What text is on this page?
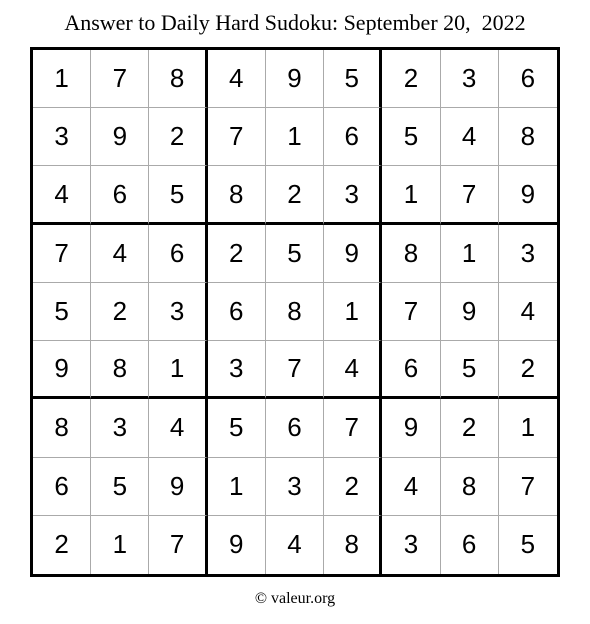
Answer to Daily Hard Sudoku: September 20,  2022
1	7	8	4	9	5	2	3	6
3	9	2	7	1	6	5	4	8
4	6	5	8	2	3	1	7	9
7	4	6	2	5	9	8	1	3
5	2	3	6	8	1	7	9	4
9	8	1	3	7	4	6	5	2
8	3	4	5	6	7	9	2	1
6	5	9	1	3	2	4	8	7
2	1	7	9	4	8	3	6	5
© valeur.org
